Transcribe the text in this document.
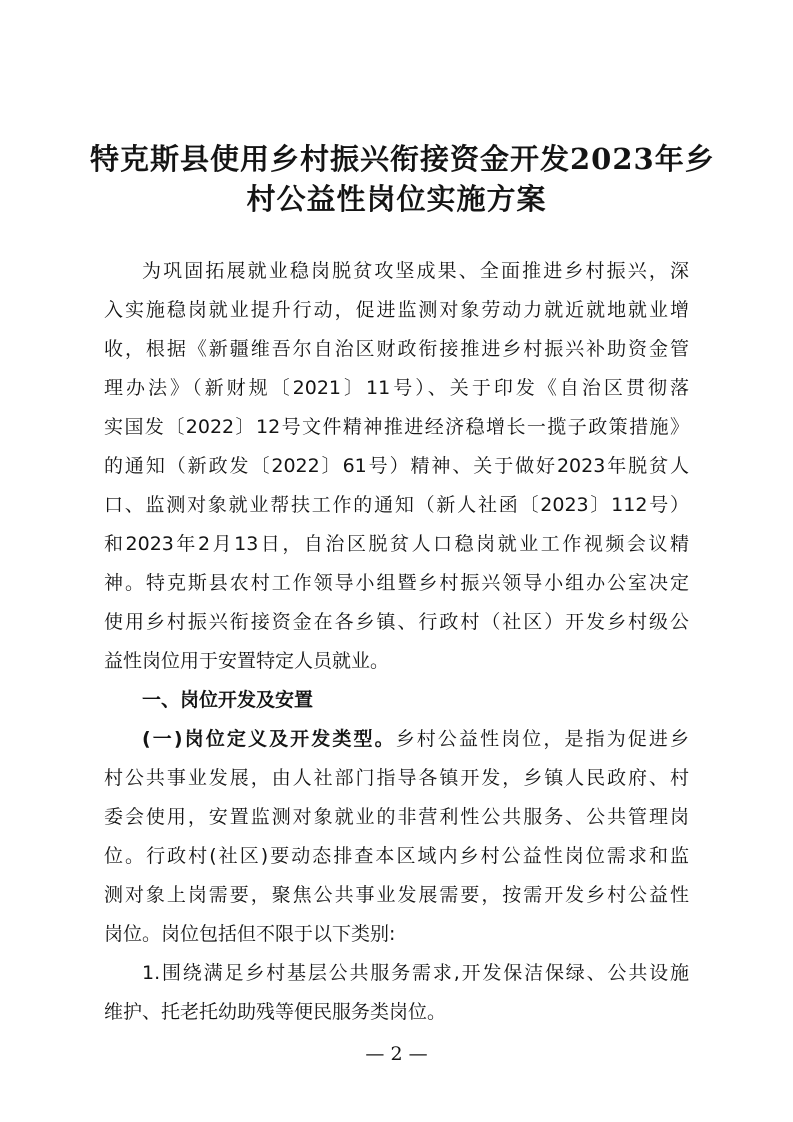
特克斯县使用乡村振兴衔接资金开发2023年乡
村公益性岗位实施方案
为巩固拓展就业稳岗脱贫攻坚成果、全面推进乡村振兴，深
入实施稳岗就业提升行动，促进监测对象劳动力就近就地就业增
收，根据《新疆维吾尔自治区财政衔接推进乡村振兴补助资金管
理办法》（新财规〔2021〕11号）、关于印发《自治区贯彻落
实国发〔2022〕12号文件精神推进经济稳增长一揽子政策措施》
的通知（新政发〔2022〕61号）精神、关于做好2023年脱贫人
口、监测对象就业帮扶工作的通知（新人社函〔2023〕112号）
和2023年2月13日，自治区脱贫人口稳岗就业工作视频会议精
神。特克斯县农村工作领导小组暨乡村振兴领导小组办公室决定
使用乡村振兴衔接资金在各乡镇、行政村（社区）开发乡村级公
益性岗位用于安置特定人员就业。
一、岗位开发及安置
(一)岗位定义及开发类型。乡村公益性岗位，是指为促进乡
村公共事业发展，由人社部门指导各镇开发，乡镇人民政府、村
委会使用，安置监测对象就业的非营利性公共服务、公共管理岗
位。行政村(社区)要动态排查本区域内乡村公益性岗位需求和监
测对象上岗需要，聚焦公共事业发展需要，按需开发乡村公益性
岗位。岗位包括但不限于以下类别:
1.围绕满足乡村基层公共服务需求,开发保洁保绿、公共设施
维护、托老托幼助残等便民服务类岗位。
— 2 —
